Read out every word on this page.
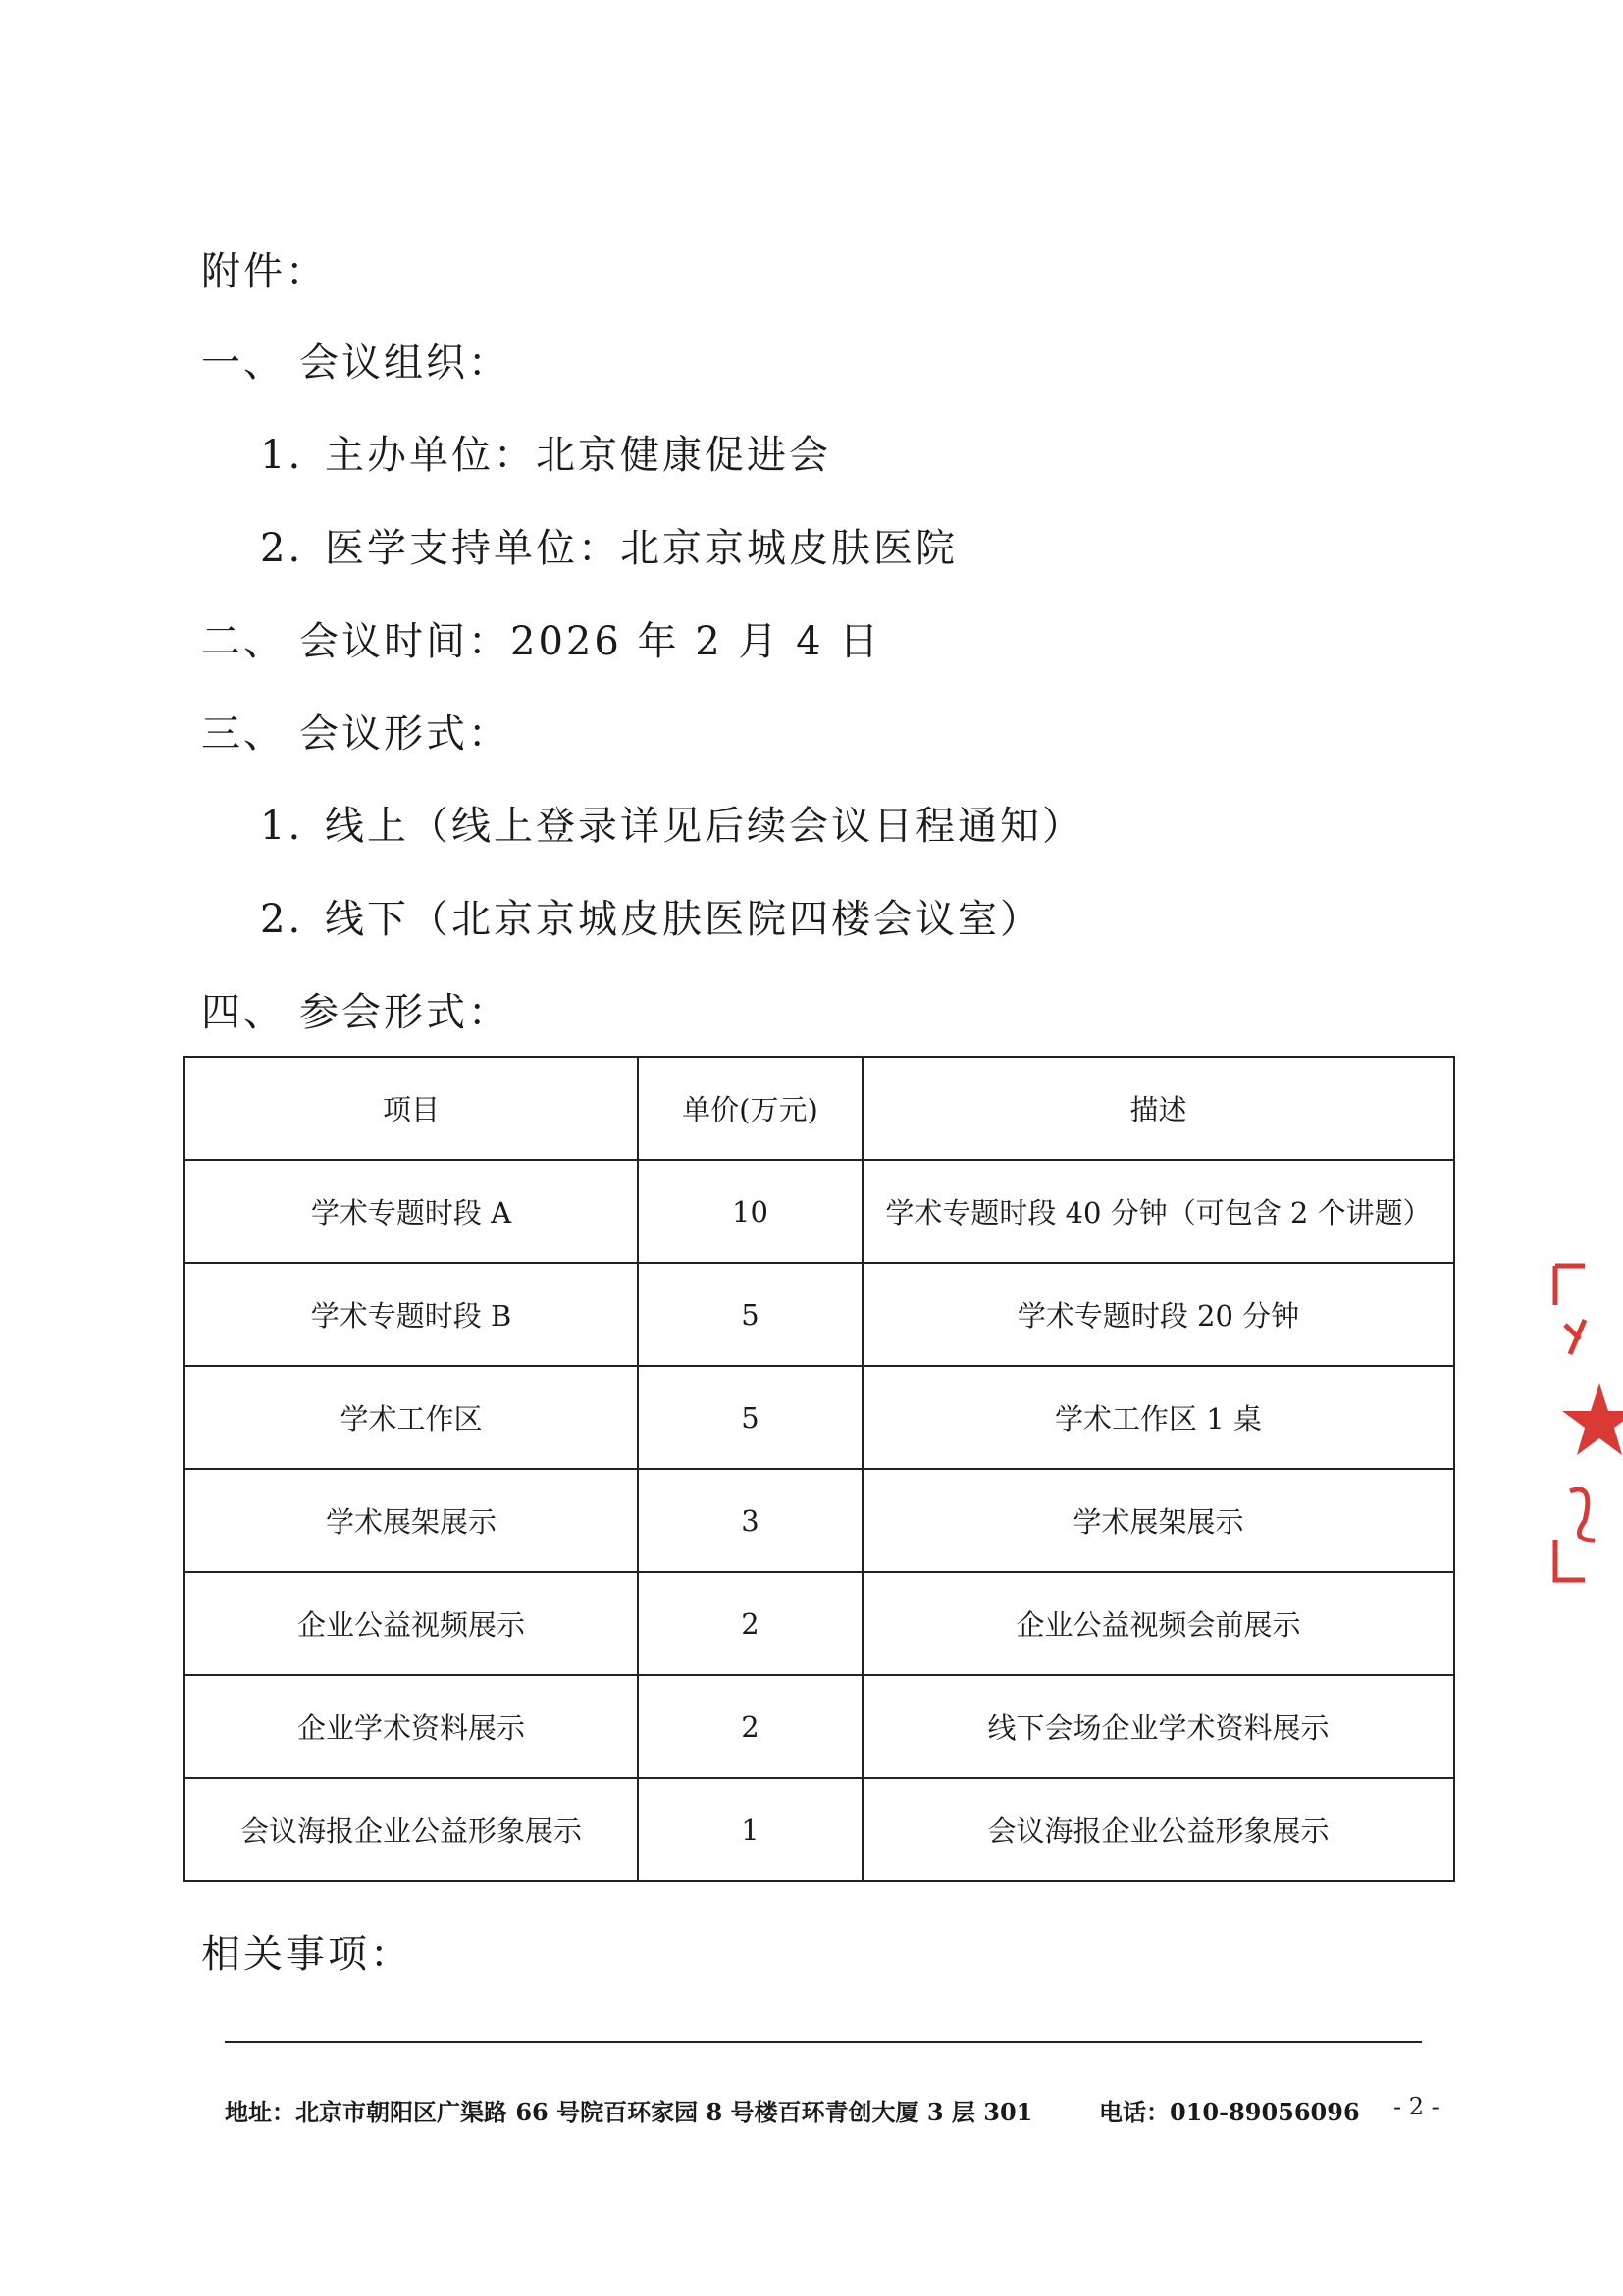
附件：
一、 会议组织：
1. 主办单位：北京健康促进会
2. 医学支持单位：北京京城皮肤医院
二、 会议时间：2026 年 2 月 4 日
三、 会议形式：
1. 线上（线上登录详见后续会议日程通知）
2. 线下（北京京城皮肤医院四楼会议室）
四、 参会形式：
项目	单价(万元)	描述
学术专题时段 A	10	学术专题时段 40 分钟（可包含 2 个讲题）
学术专题时段 B	5	学术专题时段 20 分钟
学术工作区	5	学术工作区 1 桌
学术展架展示	3	学术展架展示
企业公益视频展示	2	企业公益视频会前展示
企业学术资料展示	2	线下会场企业学术资料展示
会议海报企业公益形象展示	1	会议海报企业公益形象展示
相关事项：
地址：北京市朝阳区广渠路 66 号院百环家园 8 号楼百环青创大厦 3 层 301	电话：010-89056096 - 2 -
